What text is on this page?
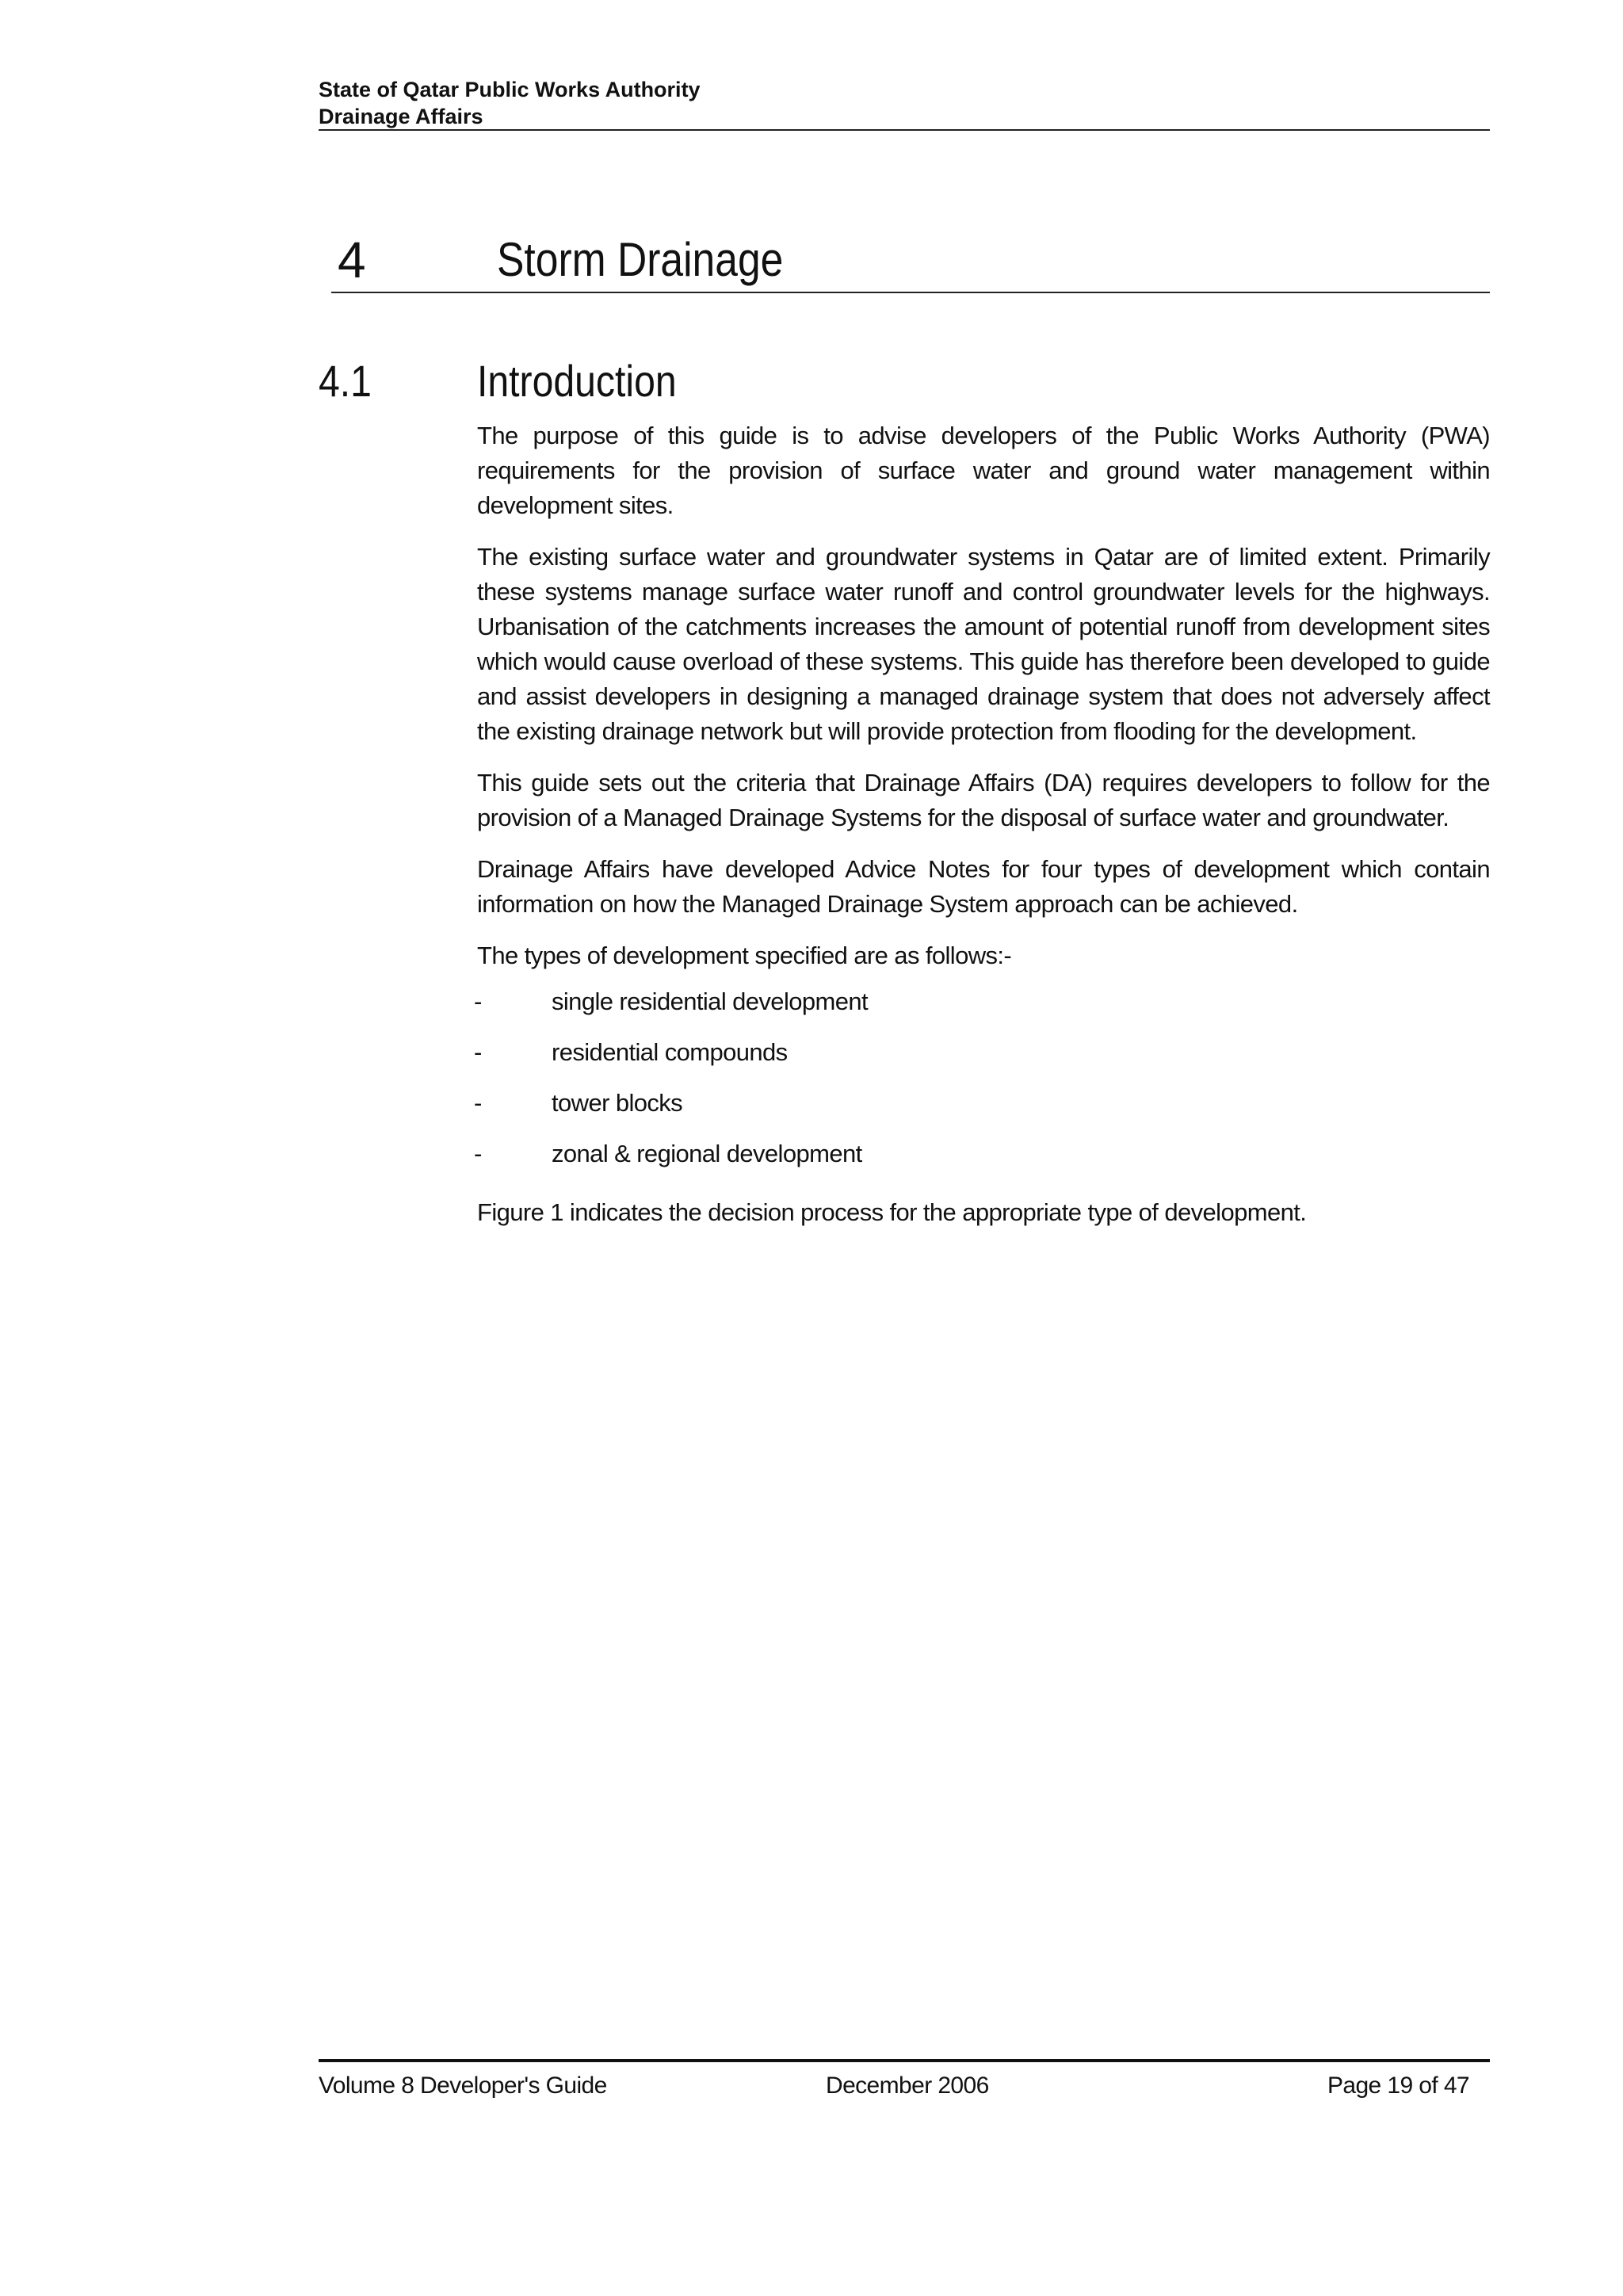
State of Qatar Public Works Authority
Drainage Affairs
4	Storm Drainage
4.1 Introduction

The purpose of this guide is to advise developers of the Public Works Authority (PWA) requirements for the provision of surface water and ground water management within development sites.

The existing surface water and groundwater systems in Qatar are of limited extent. Primarily these systems manage surface water runoff and control groundwater levels for the highways. Urbanisation of the catchments increases the amount of potential runoff from development sites which would cause overload of these systems. This guide has therefore been developed to guide and assist developers in designing a managed drainage system that does not adversely affect the existing drainage network but will provide protection from flooding for the development.

This guide sets out the criteria that Drainage Affairs (DA) requires developers to follow for the provision of a Managed Drainage Systems for the disposal of surface water and groundwater.

Drainage Affairs have developed Advice Notes for four types of development which contain information on how the Managed Drainage System approach can be achieved.

The types of development specified are as follows:-

-	single residential development
-	residential compounds
-	tower blocks
-	zonal & regional development

Figure 1 indicates the decision process for the appropriate type of development.

Volume 8 Developer's Guide	December 2006	Page 19 of 47
